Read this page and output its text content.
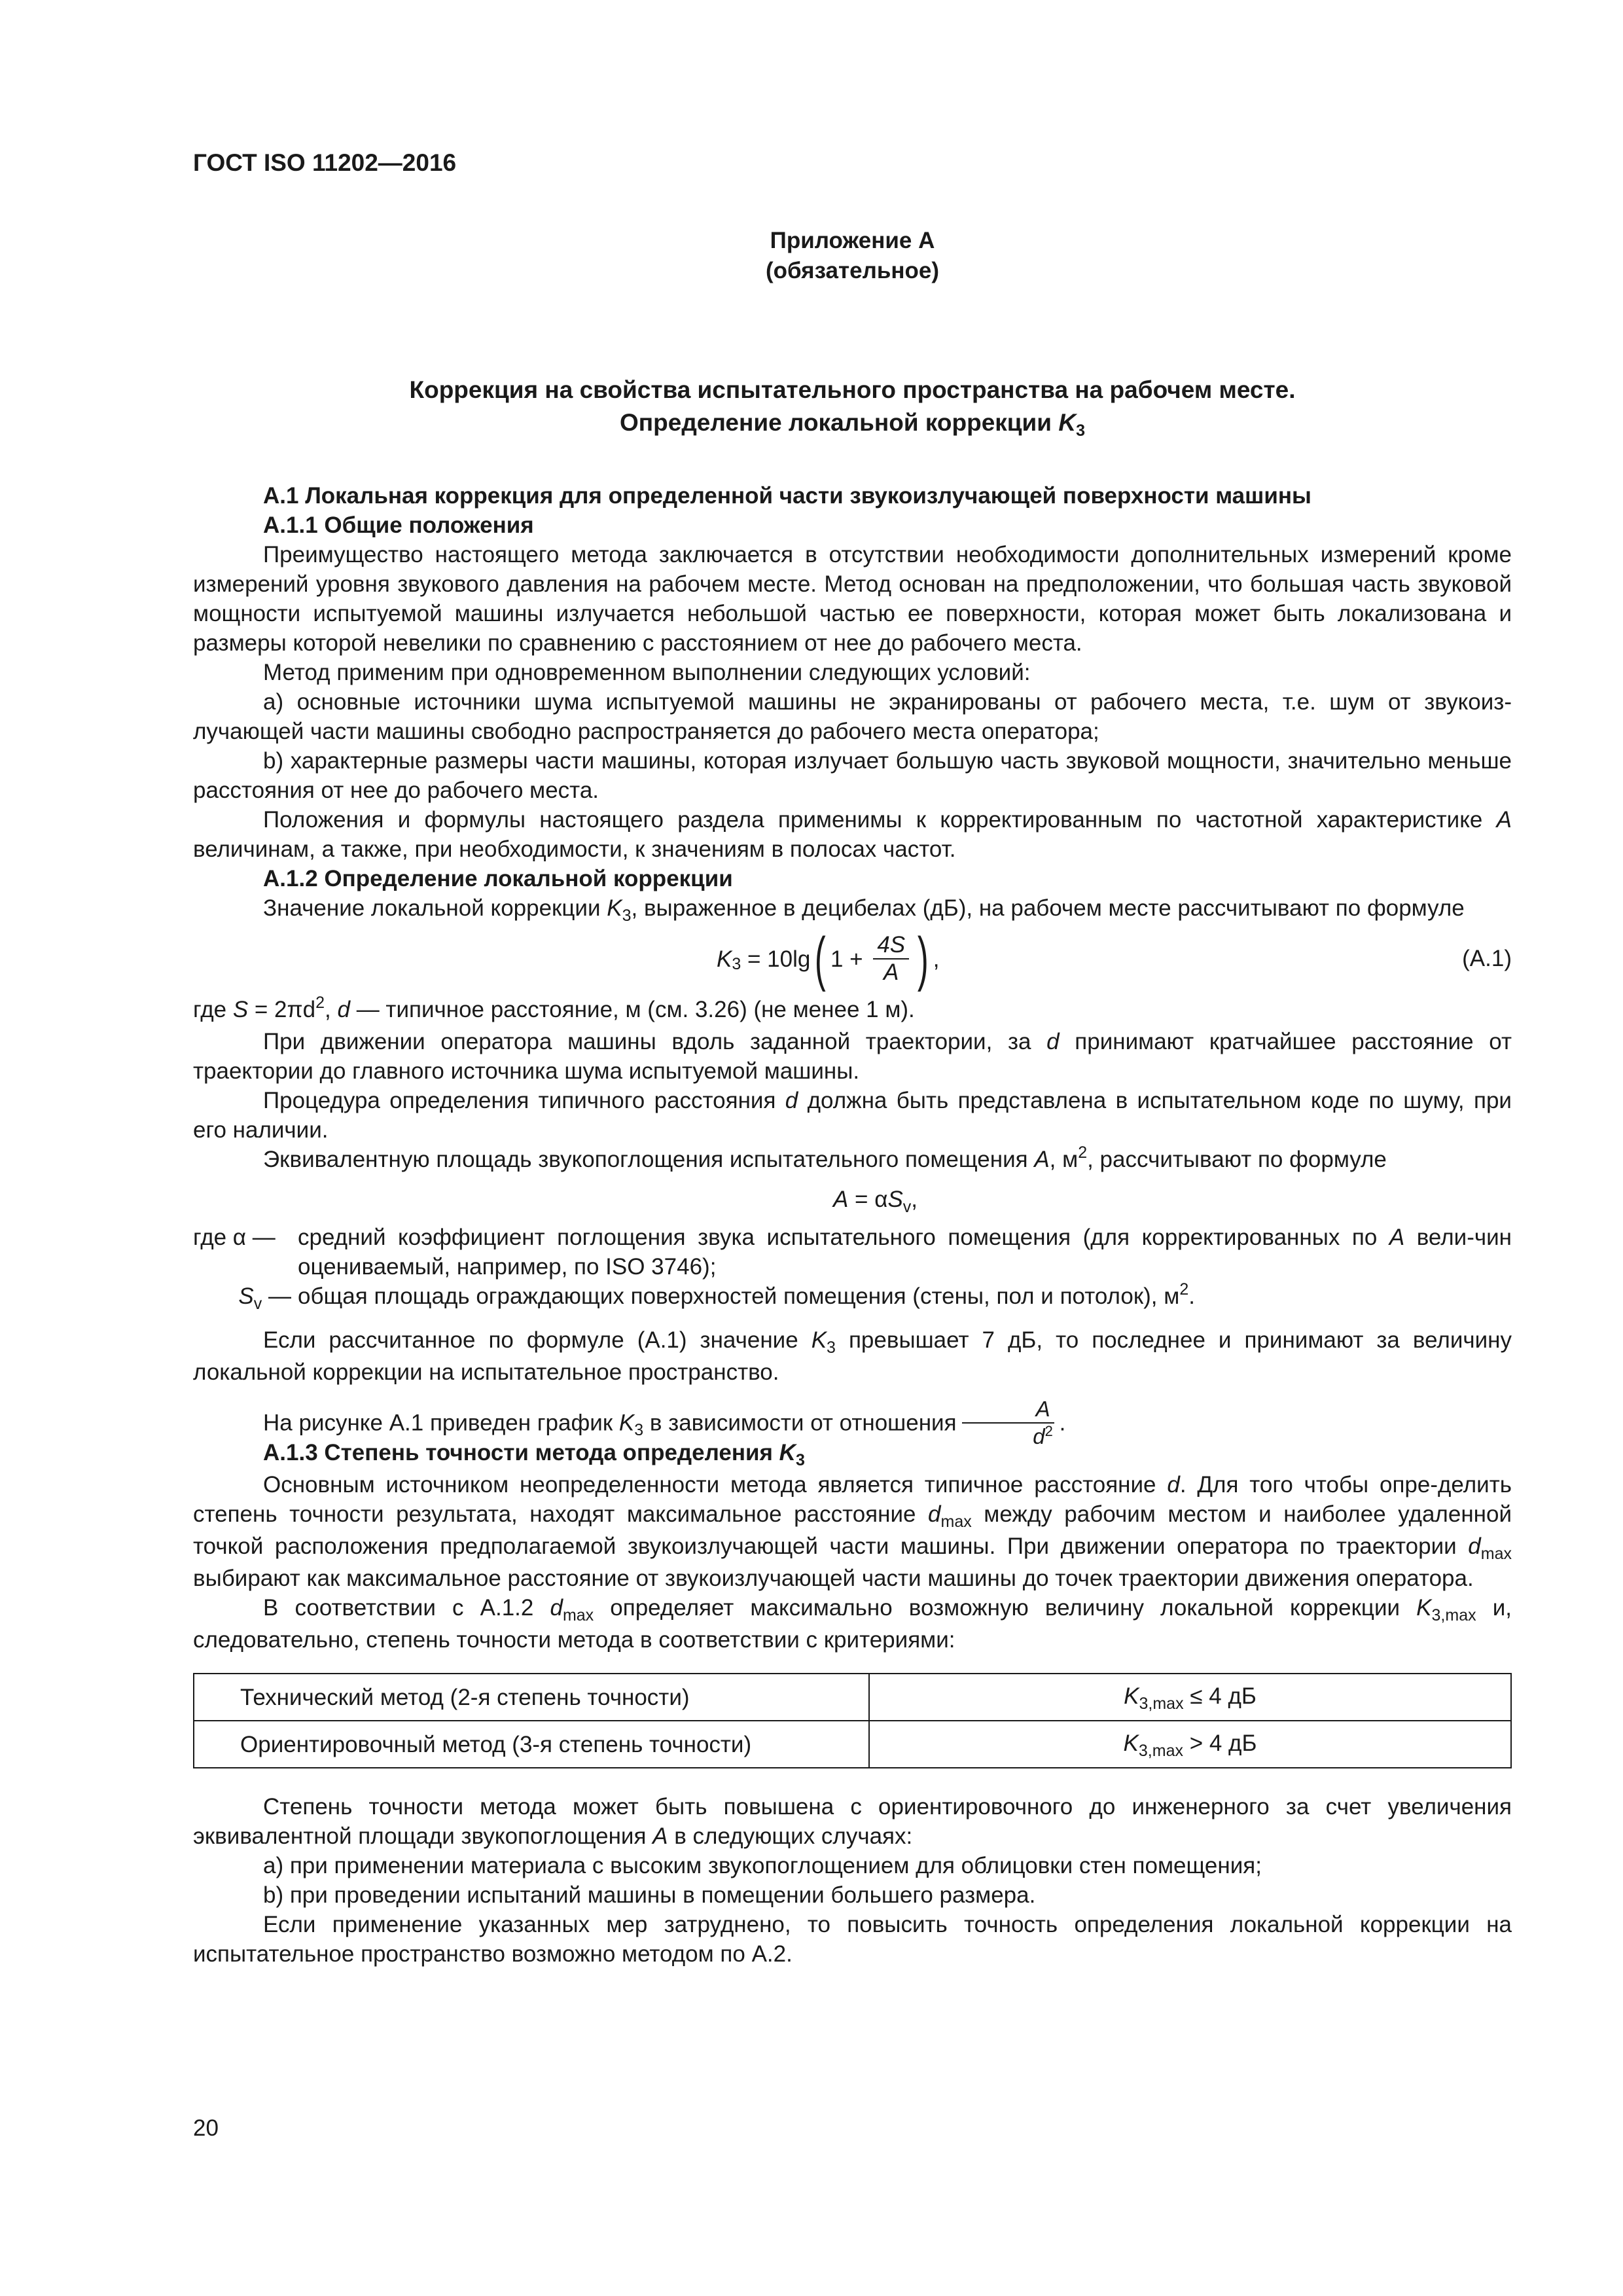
ГОСТ ISO 11202—2016
Приложение А
(обязательное)
Коррекция на свойства испытательного пространства на рабочем месте.
Определение локальной коррекции $K_3$

А.1 Локальная коррекция для определенной части звукоизлучающей поверхности машины

А.1.1 Общие положения

Преимущество настоящего метода заключается в отсутствии необходимости дополнительных измерений кроме измерений уровня звукового давления на рабочем месте. Метод основан на предположении, что большая часть звуковой мощности испытуемой машины излучается небольшой частью ее поверхности, которая может быть локализована и размеры которой невелики по сравнению с расстоянием от нее до рабочего места.

Метод применим при одновременном выполнении следующих условий:

a) основные источники шума испытуемой машины не экранированы от рабочего места, т.е. шум от звукоиз-лучающей части машины свободно распространяется до рабочего места оператора;

b) характерные размеры части машины, которая излучает большую часть звуковой мощности, значительно меньше расстояния от нее до рабочего места.

Положения и формулы настоящего раздела применимы к корректированным по частотной характеристике A величинам, а также, при необходимости, к значениям в полосах частот.

А.1.2 Определение локальной коррекции

Значение локальной коррекции $K_3$, выраженное в децибелах (дБ), на рабочем месте рассчитывают по формуле

K 3 = 10lg ( $1 + \frac{4S}{A}$ ) ,	(А.1)

где $S = 2\pi d^2$, d — типичное расстояние, м (см. 3.26) (не менее 1 м).

При движении оператора машины вдоль заданной траектории, за d принимают кратчайшее расстояние от траектории до главного источника шума испытуемой машины.

Процедура определения типичного расстояния d должна быть представлена в испытательном коде по шуму, при его наличии.

Эквивалентную площадь звукопоглощения испытательного помещения A, $м^2$, рассчитывают по формуле

$A = \alpha S_v$,
где α — средний коэффициент поглощения звука испытательного помещения (для корректированных по A вели-чин оцениваемый, например, по ISO 3746);
$S_v$ — общая площадь ограждающих поверхностей помещения (стены, пол и потолок), $м^2$.

Если рассчитанное по формуле (А.1) значение $K_3$ превышает 7 дБ, то последнее и принимают за величину локальной коррекции на испытательное пространство.

На рисунке А.1 приведен график $K_3$ в зависимости от отношения $\frac{A}{d^2}$ .

А.1.3 Степень точности метода определения $K_3$

Основным источником неопределенности метода является типичное расстояние d. Для того чтобы опре-делить степень точности результата, находят максимальное расстояние $d_{max}$ между рабочим местом и наиболее удаленной точкой расположения предполагаемой звукоизлучающей части машины. При движении оператора по траектории $d_{max}$ выбирают как максимальное расстояние от звукоизлучающей части машины до точек траектории движения оператора.

В соответствии с А.1.2 $d_{max}$ определяет максимально возможную величину локальной коррекции $K_{3,max}$ и, следовательно, степень точности метода в соответствии с критериями:

Технический метод (2-я степень точности)	$K_{3,max} \le 4$ дБ
Ориентировочный метод (3-я степень точности)	$K_{3,max} > 4$ дБ

Степень точности метода может быть повышена с ориентировочного до инженерного за счет увеличения эквивалентной площади звукопоглощения A в следующих случаях:

a) при применении материала с высоким звукопоглощением для облицовки стен помещения;

b) при проведении испытаний машины в помещении большего размера.

Если применение указанных мер затруднено, то повысить точность определения локальной коррекции на испытательное пространство возможно методом по А.2.

20
